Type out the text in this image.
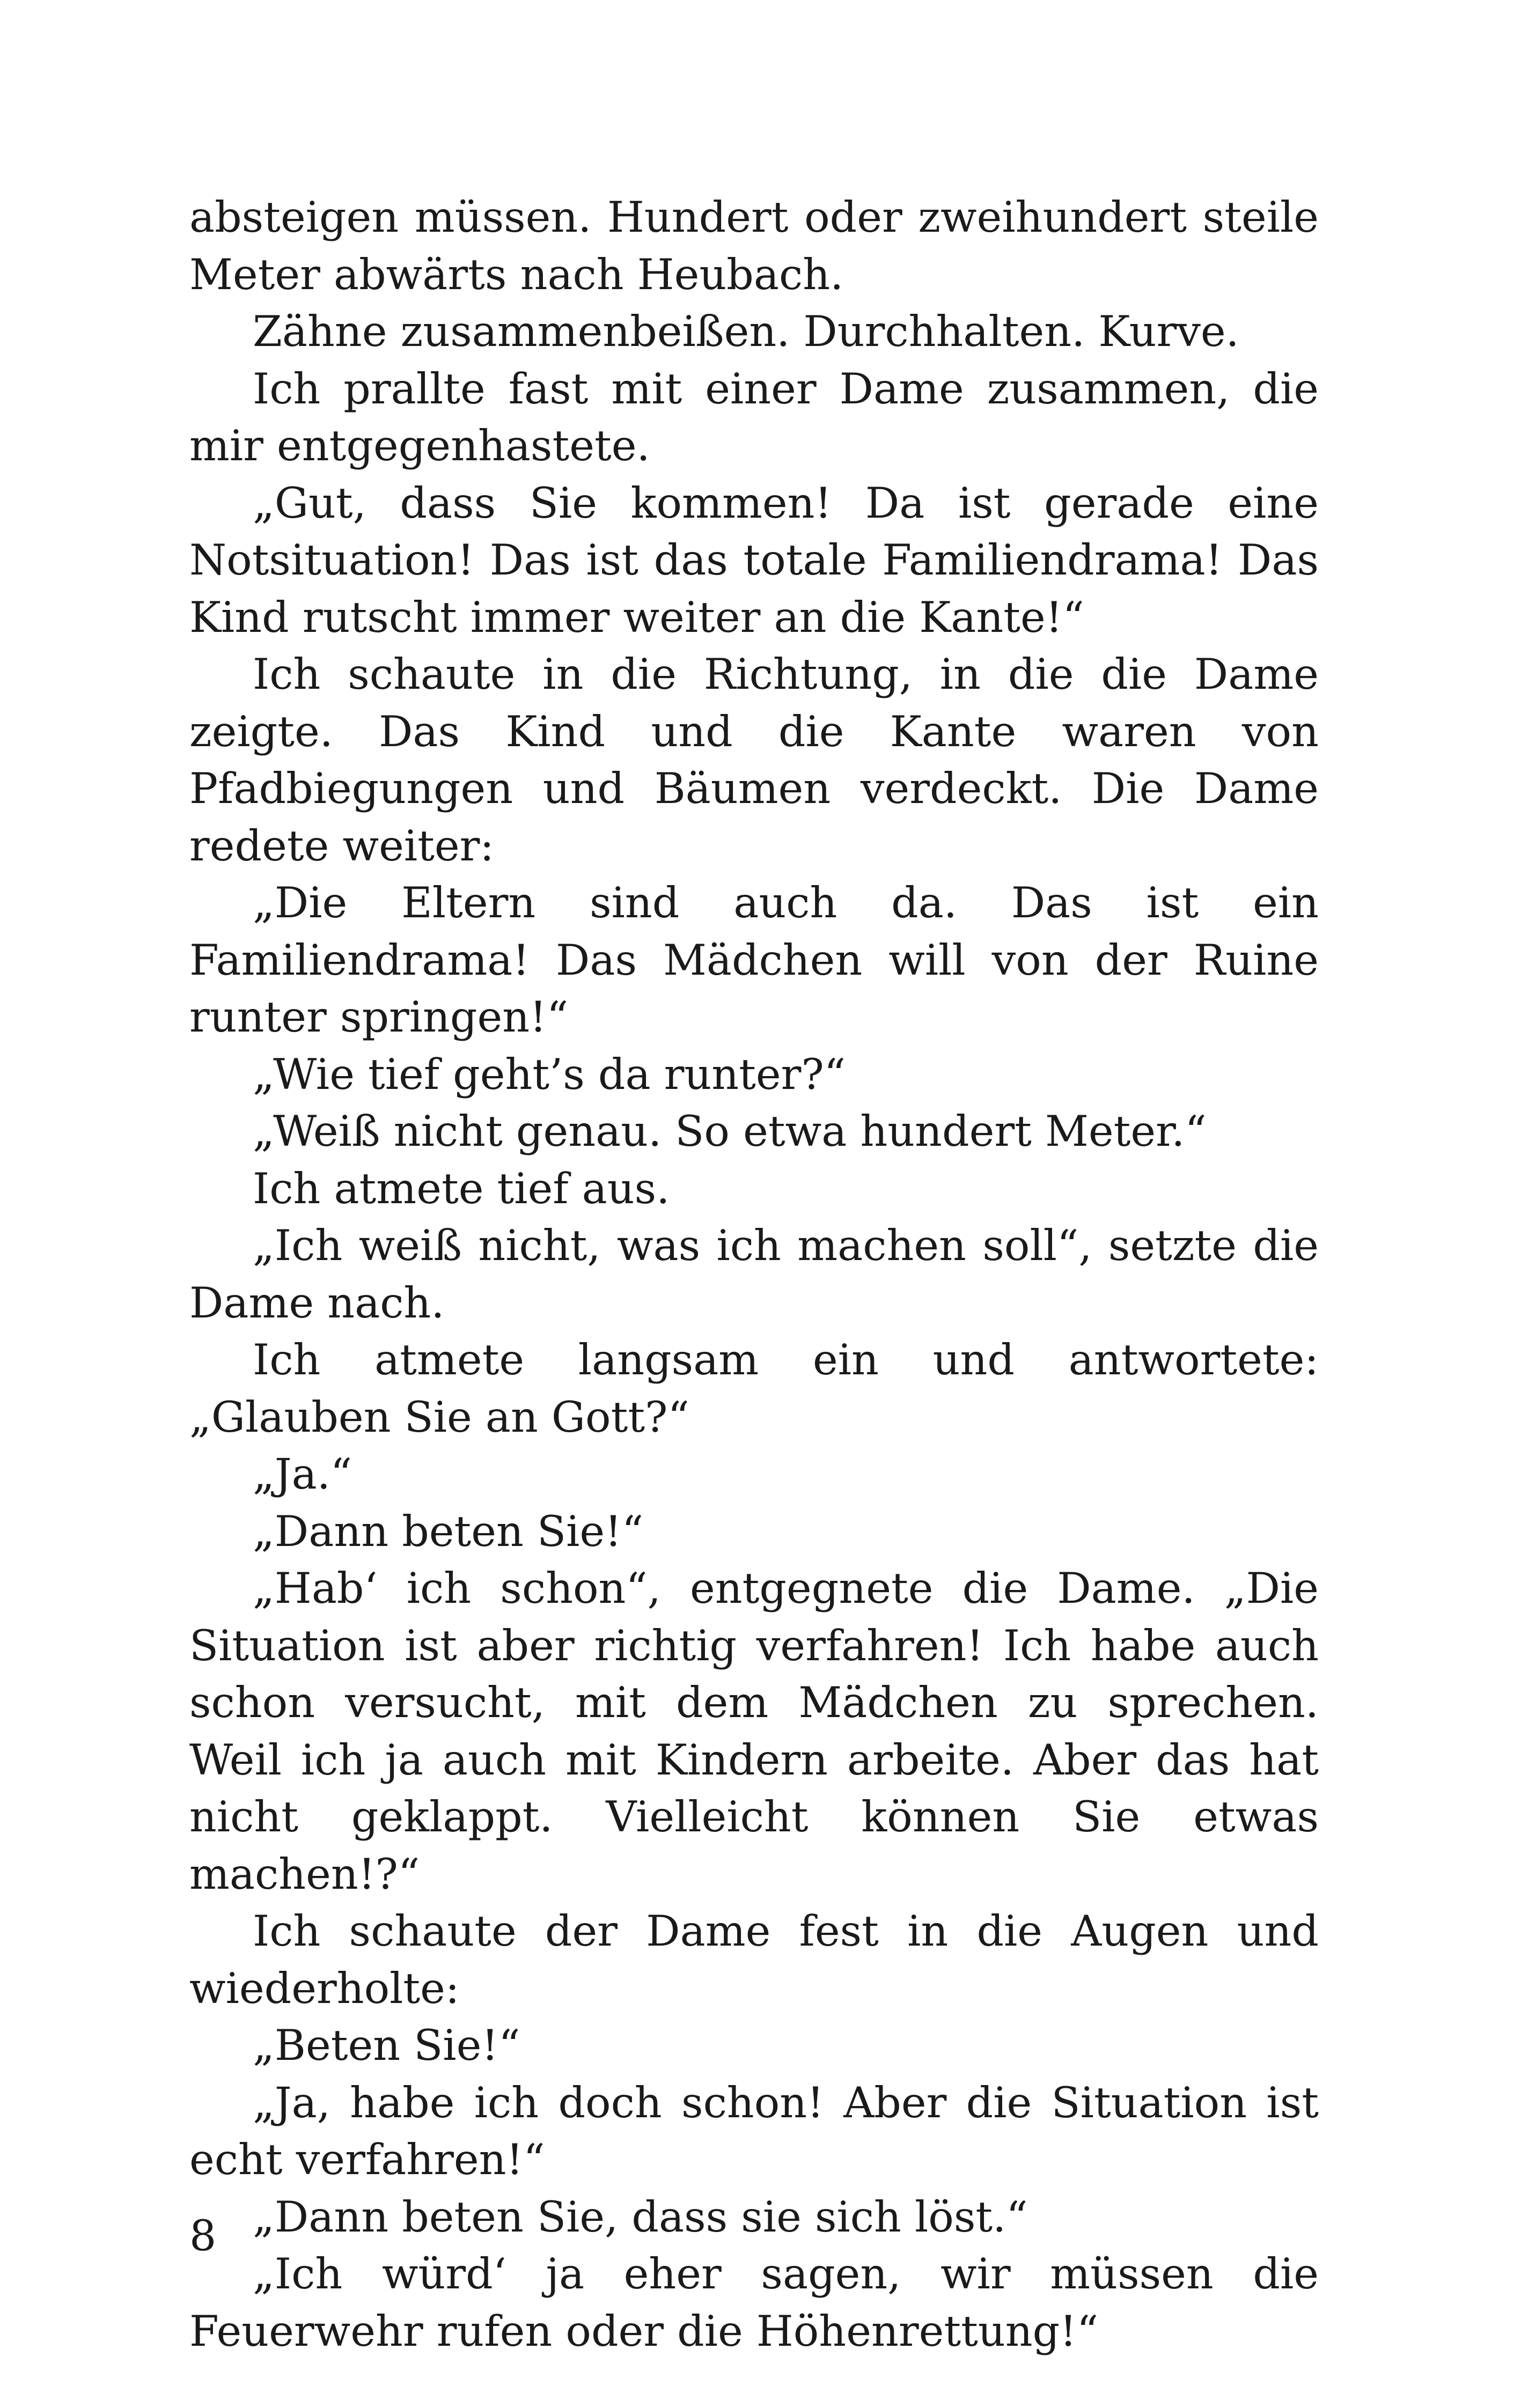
absteigen müssen. Hundert oder zweihundert steile Meter abwärts nach Heubach.

Zähne zusammenbeißen. Durchhalten. Kurve.

Ich prallte fast mit einer Dame zusammen, die mir entgegenhastete.

„Gut, dass Sie kommen! Da ist gerade eine Notsituation! Das ist das totale Familiendrama! Das Kind rutscht immer weiter an die Kante!“

Ich schaute in die Richtung, in die die Dame zeigte. Das Kind und die Kante waren von Pfadbiegungen und Bäumen verdeckt. Die Dame redete weiter:

„Die Eltern sind auch da. Das ist ein Familiendrama! Das Mädchen will von der Ruine runter springen!“

„Wie tief geht’s da runter?“

„Weiß nicht genau. So etwa hundert Meter.“

Ich atmete tief aus.

„Ich weiß nicht, was ich machen soll“, setzte die Dame nach.

Ich atmete langsam ein und antwortete: „Glauben Sie an Gott?“

„Ja.“

„Dann beten Sie!“

„Hab‘ ich schon“, entgegnete die Dame. „Die Situation ist aber richtig verfahren! Ich habe auch schon versucht, mit dem Mädchen zu sprechen. Weil ich ja auch mit Kindern arbeite. Aber das hat nicht geklappt. Vielleicht können Sie etwas machen!?“

Ich schaute der Dame fest in die Augen und wiederholte:

„Beten Sie!“

„Ja, habe ich doch schon! Aber die Situation ist echt verfahren!“

„Dann beten Sie, dass sie sich löst.“

„Ich würd‘ ja eher sagen, wir müssen die Feuerwehr rufen oder die Höhenrettung!“

8
